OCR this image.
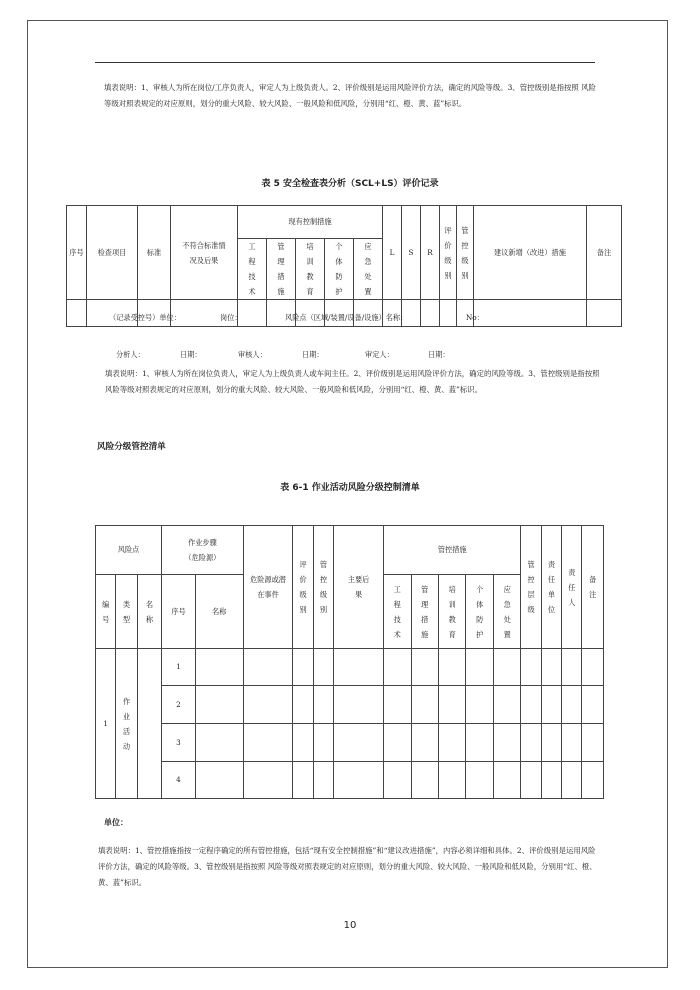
填表说明：1、审核人为所在岗位/工序负责人，审定人为上级负责人。2、评价级别是运用风险评价方法，确定的风险等级。3、管控级别是指按照 风险等级对照表规定的对应原则，划分的重大风险、较大风险、一般风险和低风险，分别用“红、橙、黄、蓝”标识。
表 5 安全检查表分析（SCL+LS）评价记录
序号	检查项目	标准	不符合标准情况及后果	现有控制措施					L	S	R	评价级别	管控级别	建议新增（改进）措施	备注
				工程技术	管理措施	培训教育	个体防护	应急处置							

（记录受控号）单位：	岗位：	风险点（区域/装置/设备/设施）名称：	No：
分析人：	日期：	审核人：	日期：	审定人：	日期：
填表说明：1、审核人为所在岗位负责人，审定人为上级负责人或车间主任。2、评价级别是运用风险评价方法，确定的风险等级。3、管控级别是指按照 风险等级对照表规定的对应原则，划分的重大风险、较大风险、一般风险和低风险，分别用“红、橙、黄、蓝”标识。
风险分级管控清单
表 6-1 作业活动风险分级控制清单
风险点			作业步骤（危险源）		危险源或潜在事件	评价级别	管控级别	主要后果	管控措施					管控层级	责任单位	责任人	备注
编号	类型	名称	序号	名称					工程技术	管理措施	培训教育	个体防护	应急处置				
1	作业活动		1														
			2														
			3														
			4														
单位：
填表说明：1、管控措施指按一定程序确定的所有管控措施，包括“现有安全控制措施”和“建议改进措施”，内容必须详细和具体。2、评价级别是运用风险评价方法，确定的风险等级。3、管控级别是指按照 风险等级对照表规定的对应原则，划分的重大风险、较大风险、一般风险和低风险，分别用“红、橙、黄、蓝”标识。
10
